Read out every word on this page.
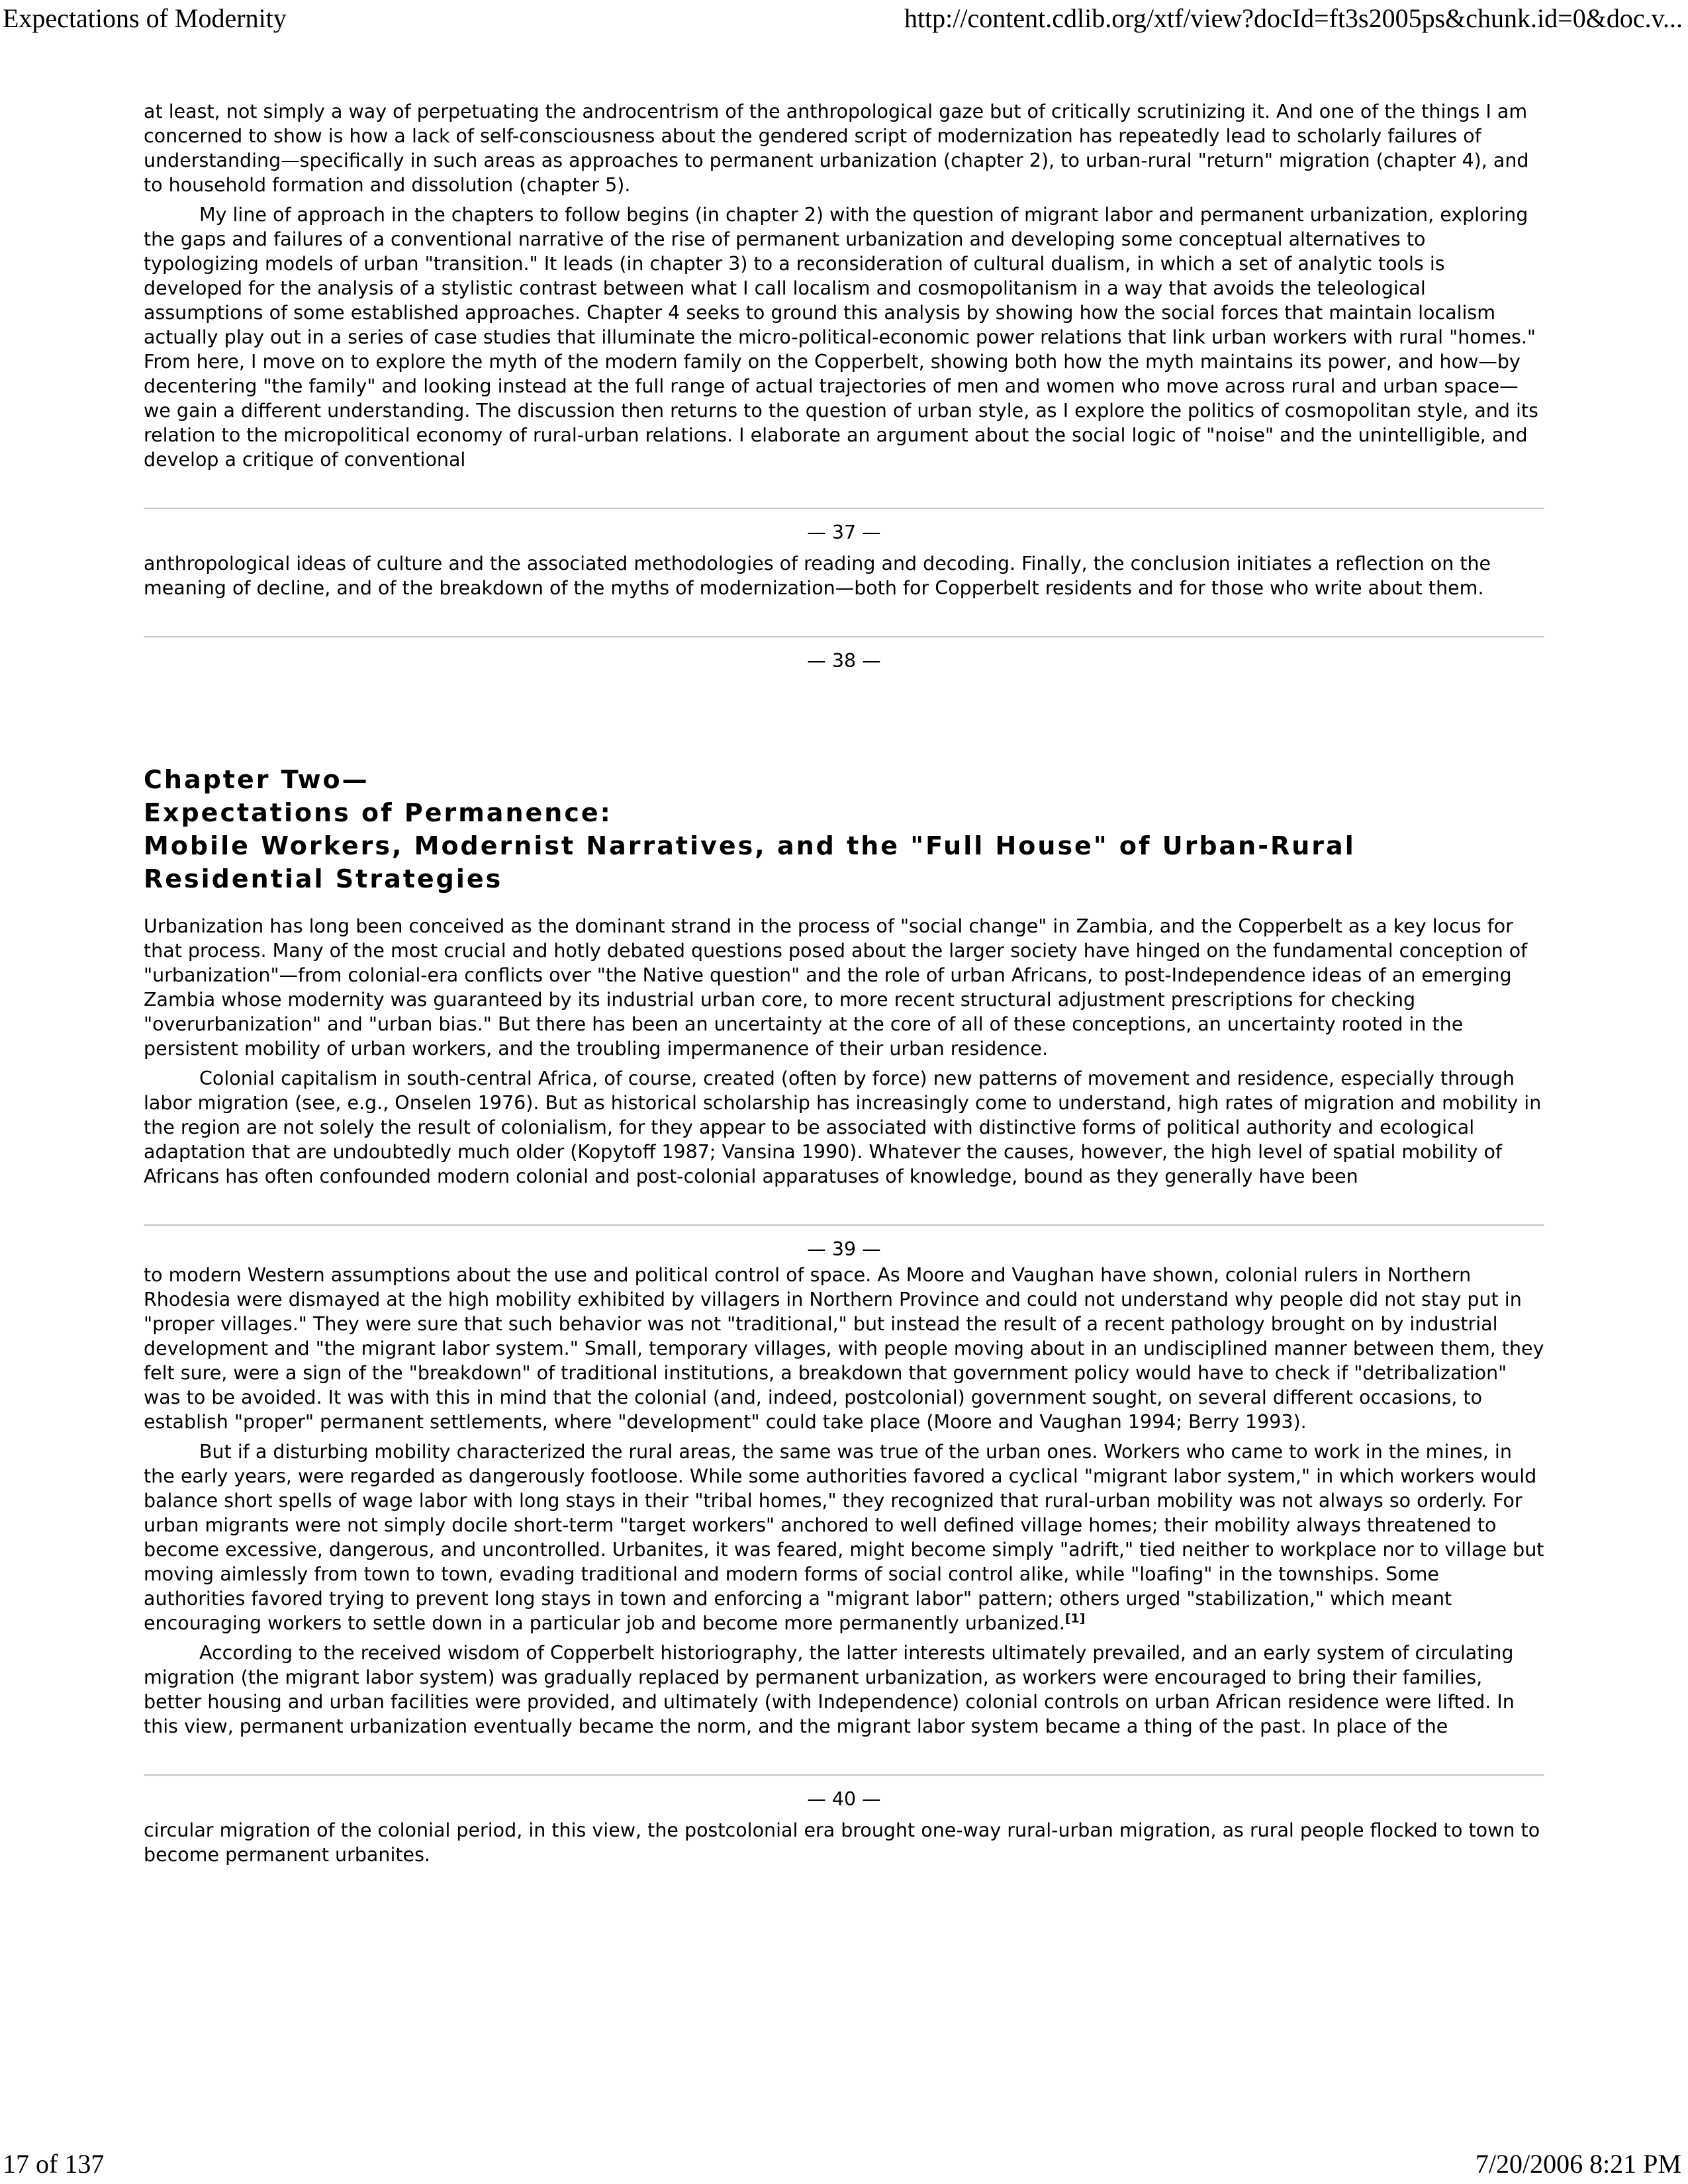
Expectations of Modernity	http://content.cdlib.org/xtf/view?docId=ft3s2005ps&chunk.id=0&doc.v...

at least, not simply a way of perpetuating the androcentrism of the anthropological gaze but of critically scrutinizing it. And one of the things I am concerned to show is how a lack of self-consciousness about the gendered script of modernization has repeatedly lead to scholarly failures of understanding—specifically in such areas as approaches to permanent urbanization (chapter 2), to urban-rural "return" migration (chapter 4), and to household formation and dissolution (chapter 5).

My line of approach in the chapters to follow begins (in chapter 2) with the question of migrant labor and permanent urbanization, exploring the gaps and failures of a conventional narrative of the rise of permanent urbanization and developing some conceptual alternatives to typologizing models of urban "transition." It leads (in chapter 3) to a reconsideration of cultural dualism, in which a set of analytic tools is developed for the analysis of a stylistic contrast between what I call localism and cosmopolitanism in a way that avoids the teleological assumptions of some established approaches. Chapter 4 seeks to ground this analysis by showing how the social forces that maintain localism actually play out in a series of case studies that illuminate the micro-political-economic power relations that link urban workers with rural "homes." From here, I move on to explore the myth of the modern family on the Copperbelt, showing both how the myth maintains its power, and how—by decentering "the family" and looking instead at the full range of actual trajectories of men and women who move across rural and urban space—we gain a different understanding. The discussion then returns to the question of urban style, as I explore the politics of cosmopolitan style, and its relation to the micropolitical economy of rural-urban relations. I elaborate an argument about the social logic of "noise" and the unintelligible, and develop a critique of conventional

— 37 —

anthropological ideas of culture and the associated methodologies of reading and decoding. Finally, the conclusion initiates a reflection on the meaning of decline, and of the breakdown of the myths of modernization—both for Copperbelt residents and for those who write about them.

— 38 —
Chapter Two—
Expectations of Permanence:
Mobile Workers, Modernist Narratives, and the "Full House" of Urban-Rural Residential Strategies

Urbanization has long been conceived as the dominant strand in the process of "social change" in Zambia, and the Copperbelt as a key locus for that process. Many of the most crucial and hotly debated questions posed about the larger society have hinged on the fundamental conception of "urbanization"—from colonial-era conflicts over "the Native question" and the role of urban Africans, to post-Independence ideas of an emerging Zambia whose modernity was guaranteed by its industrial urban core, to more recent structural adjustment prescriptions for checking "overurbanization" and "urban bias." But there has been an uncertainty at the core of all of these conceptions, an uncertainty rooted in the persistent mobility of urban workers, and the troubling impermanence of their urban residence.

Colonial capitalism in south-central Africa, of course, created (often by force) new patterns of movement and residence, especially through labor migration (see, e.g., Onselen 1976). But as historical scholarship has increasingly come to understand, high rates of migration and mobility in the region are not solely the result of colonialism, for they appear to be associated with distinctive forms of political authority and ecological adaptation that are undoubtedly much older (Kopytoff 1987; Vansina 1990). Whatever the causes, however, the high level of spatial mobility of Africans has often confounded modern colonial and post-colonial apparatuses of knowledge, bound as they generally have been

— 39 —

to modern Western assumptions about the use and political control of space. As Moore and Vaughan have shown, colonial rulers in Northern Rhodesia were dismayed at the high mobility exhibited by villagers in Northern Province and could not understand why people did not stay put in "proper villages." They were sure that such behavior was not "traditional," but instead the result of a recent pathology brought on by industrial development and "the migrant labor system." Small, temporary villages, with people moving about in an undisciplined manner between them, they felt sure, were a sign of the "breakdown" of traditional institutions, a breakdown that government policy would have to check if "detribalization" was to be avoided. It was with this in mind that the colonial (and, indeed, postcolonial) government sought, on several different occasions, to establish "proper" permanent settlements, where "development" could take place (Moore and Vaughan 1994; Berry 1993).

But if a disturbing mobility characterized the rural areas, the same was true of the urban ones. Workers who came to work in the mines, in the early years, were regarded as dangerously footloose. While some authorities favored a cyclical "migrant labor system," in which workers would balance short spells of wage labor with long stays in their "tribal homes," they recognized that rural-urban mobility was not always so orderly. For urban migrants were not simply docile short-term "target workers" anchored to well defined village homes; their mobility always threatened to become excessive, dangerous, and uncontrolled. Urbanites, it was feared, might become simply "adrift," tied neither to workplace nor to village but moving aimlessly from town to town, evading traditional and modern forms of social control alike, while "loafing" in the townships. Some authorities favored trying to prevent long stays in town and enforcing a "migrant labor" pattern; others urged "stabilization," which meant encouraging workers to settle down in a particular job and become more permanently urbanized.[1]

According to the received wisdom of Copperbelt historiography, the latter interests ultimately prevailed, and an early system of circulating migration (the migrant labor system) was gradually replaced by permanent urbanization, as workers were encouraged to bring their families, better housing and urban facilities were provided, and ultimately (with Independence) colonial controls on urban African residence were lifted. In this view, permanent urbanization eventually became the norm, and the migrant labor system became a thing of the past. In place of the

— 40 —

circular migration of the colonial period, in this view, the postcolonial era brought one-way rural-urban migration, as rural people flocked to town to become permanent urbanites.

17 of 137	7/20/2006 8:21 PM
